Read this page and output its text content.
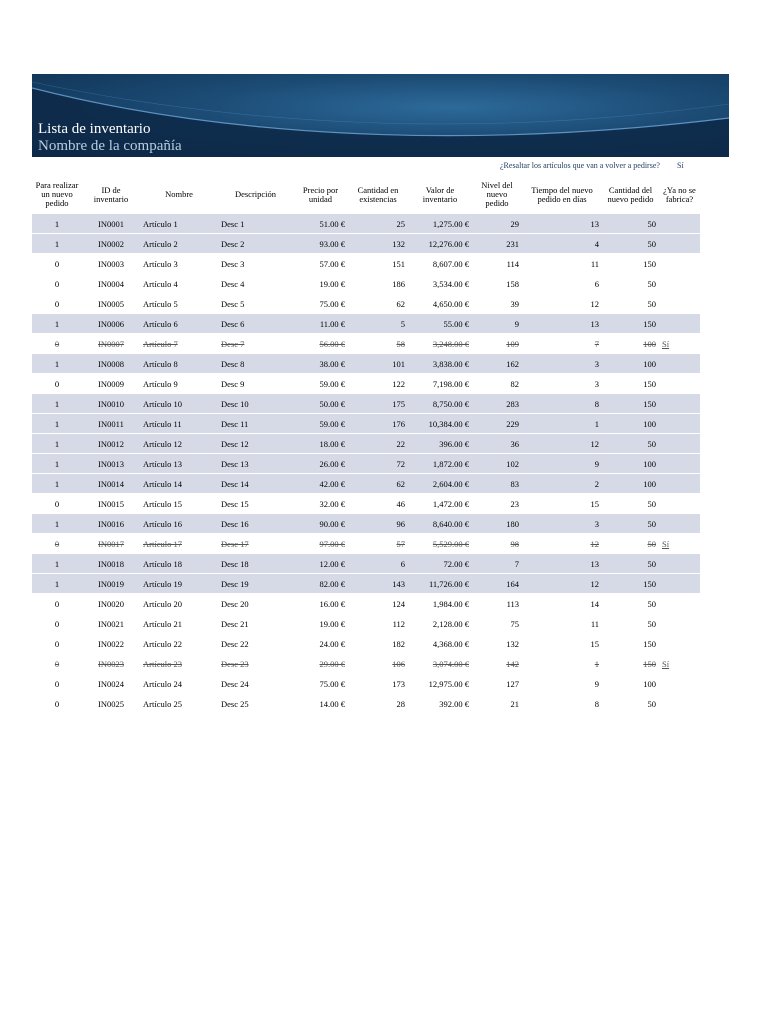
Lista de inventario
Nombre de la compañía
¿Resaltar los artículos que van a volver a pedirse? Sí
Para realizar un nuevo pedido	ID de inventario	Nombre	Descripción	Precio por unidad	Cantidad en existencias	Valor de inventario	Nivel del nuevo pedido	Tiempo del nuevo pedido en días	Cantidad del nuevo pedido	¿Ya no se fabrica?
1	IN0001	Artículo 1	Desc 1	51.00 €	25	1,275.00 €	29	13	50	
1	IN0002	Artículo 2	Desc 2	93.00 €	132	12,276.00 €	231	4	50	
0	IN0003	Artículo 3	Desc 3	57.00 €	151	8,607.00 €	114	11	150	
0	IN0004	Artículo 4	Desc 4	19.00 €	186	3,534.00 €	158	6	50	
0	IN0005	Artículo 5	Desc 5	75.00 €	62	4,650.00 €	39	12	50	
1	IN0006	Artículo 6	Desc 6	11.00 €	5	55.00 €	9	13	150	
0	IN0007	Artículo 7	Desc 7	56.00 €	58	3,248.00 €	109	7	100	Sí
1	IN0008	Artículo 8	Desc 8	38.00 €	101	3,838.00 €	162	3	100	
0	IN0009	Artículo 9	Desc 9	59.00 €	122	7,198.00 €	82	3	150	
1	IN0010	Artículo 10	Desc 10	50.00 €	175	8,750.00 €	283	8	150	
1	IN0011	Artículo 11	Desc 11	59.00 €	176	10,384.00 €	229	1	100	
1	IN0012	Artículo 12	Desc 12	18.00 €	22	396.00 €	36	12	50	
1	IN0013	Artículo 13	Desc 13	26.00 €	72	1,872.00 €	102	9	100	
1	IN0014	Artículo 14	Desc 14	42.00 €	62	2,604.00 €	83	2	100	
0	IN0015	Artículo 15	Desc 15	32.00 €	46	1,472.00 €	23	15	50	
1	IN0016	Artículo 16	Desc 16	90.00 €	96	8,640.00 €	180	3	50	
0	IN0017	Artículo 17	Desc 17	97.00 €	57	5,529.00 €	98	12	50	Sí
1	IN0018	Artículo 18	Desc 18	12.00 €	6	72.00 €	7	13	50	
1	IN0019	Artículo 19	Desc 19	82.00 €	143	11,726.00 €	164	12	150	
0	IN0020	Artículo 20	Desc 20	16.00 €	124	1,984.00 €	113	14	50	
0	IN0021	Artículo 21	Desc 21	19.00 €	112	2,128.00 €	75	11	50	
0	IN0022	Artículo 22	Desc 22	24.00 €	182	4,368.00 €	132	15	150	
0	IN0023	Artículo 23	Desc 23	29.00 €	106	3,074.00 €	142	1	150	Sí
0	IN0024	Artículo 24	Desc 24	75.00 €	173	12,975.00 €	127	9	100	
0	IN0025	Artículo 25	Desc 25	14.00 €	28	392.00 €	21	8	50	
